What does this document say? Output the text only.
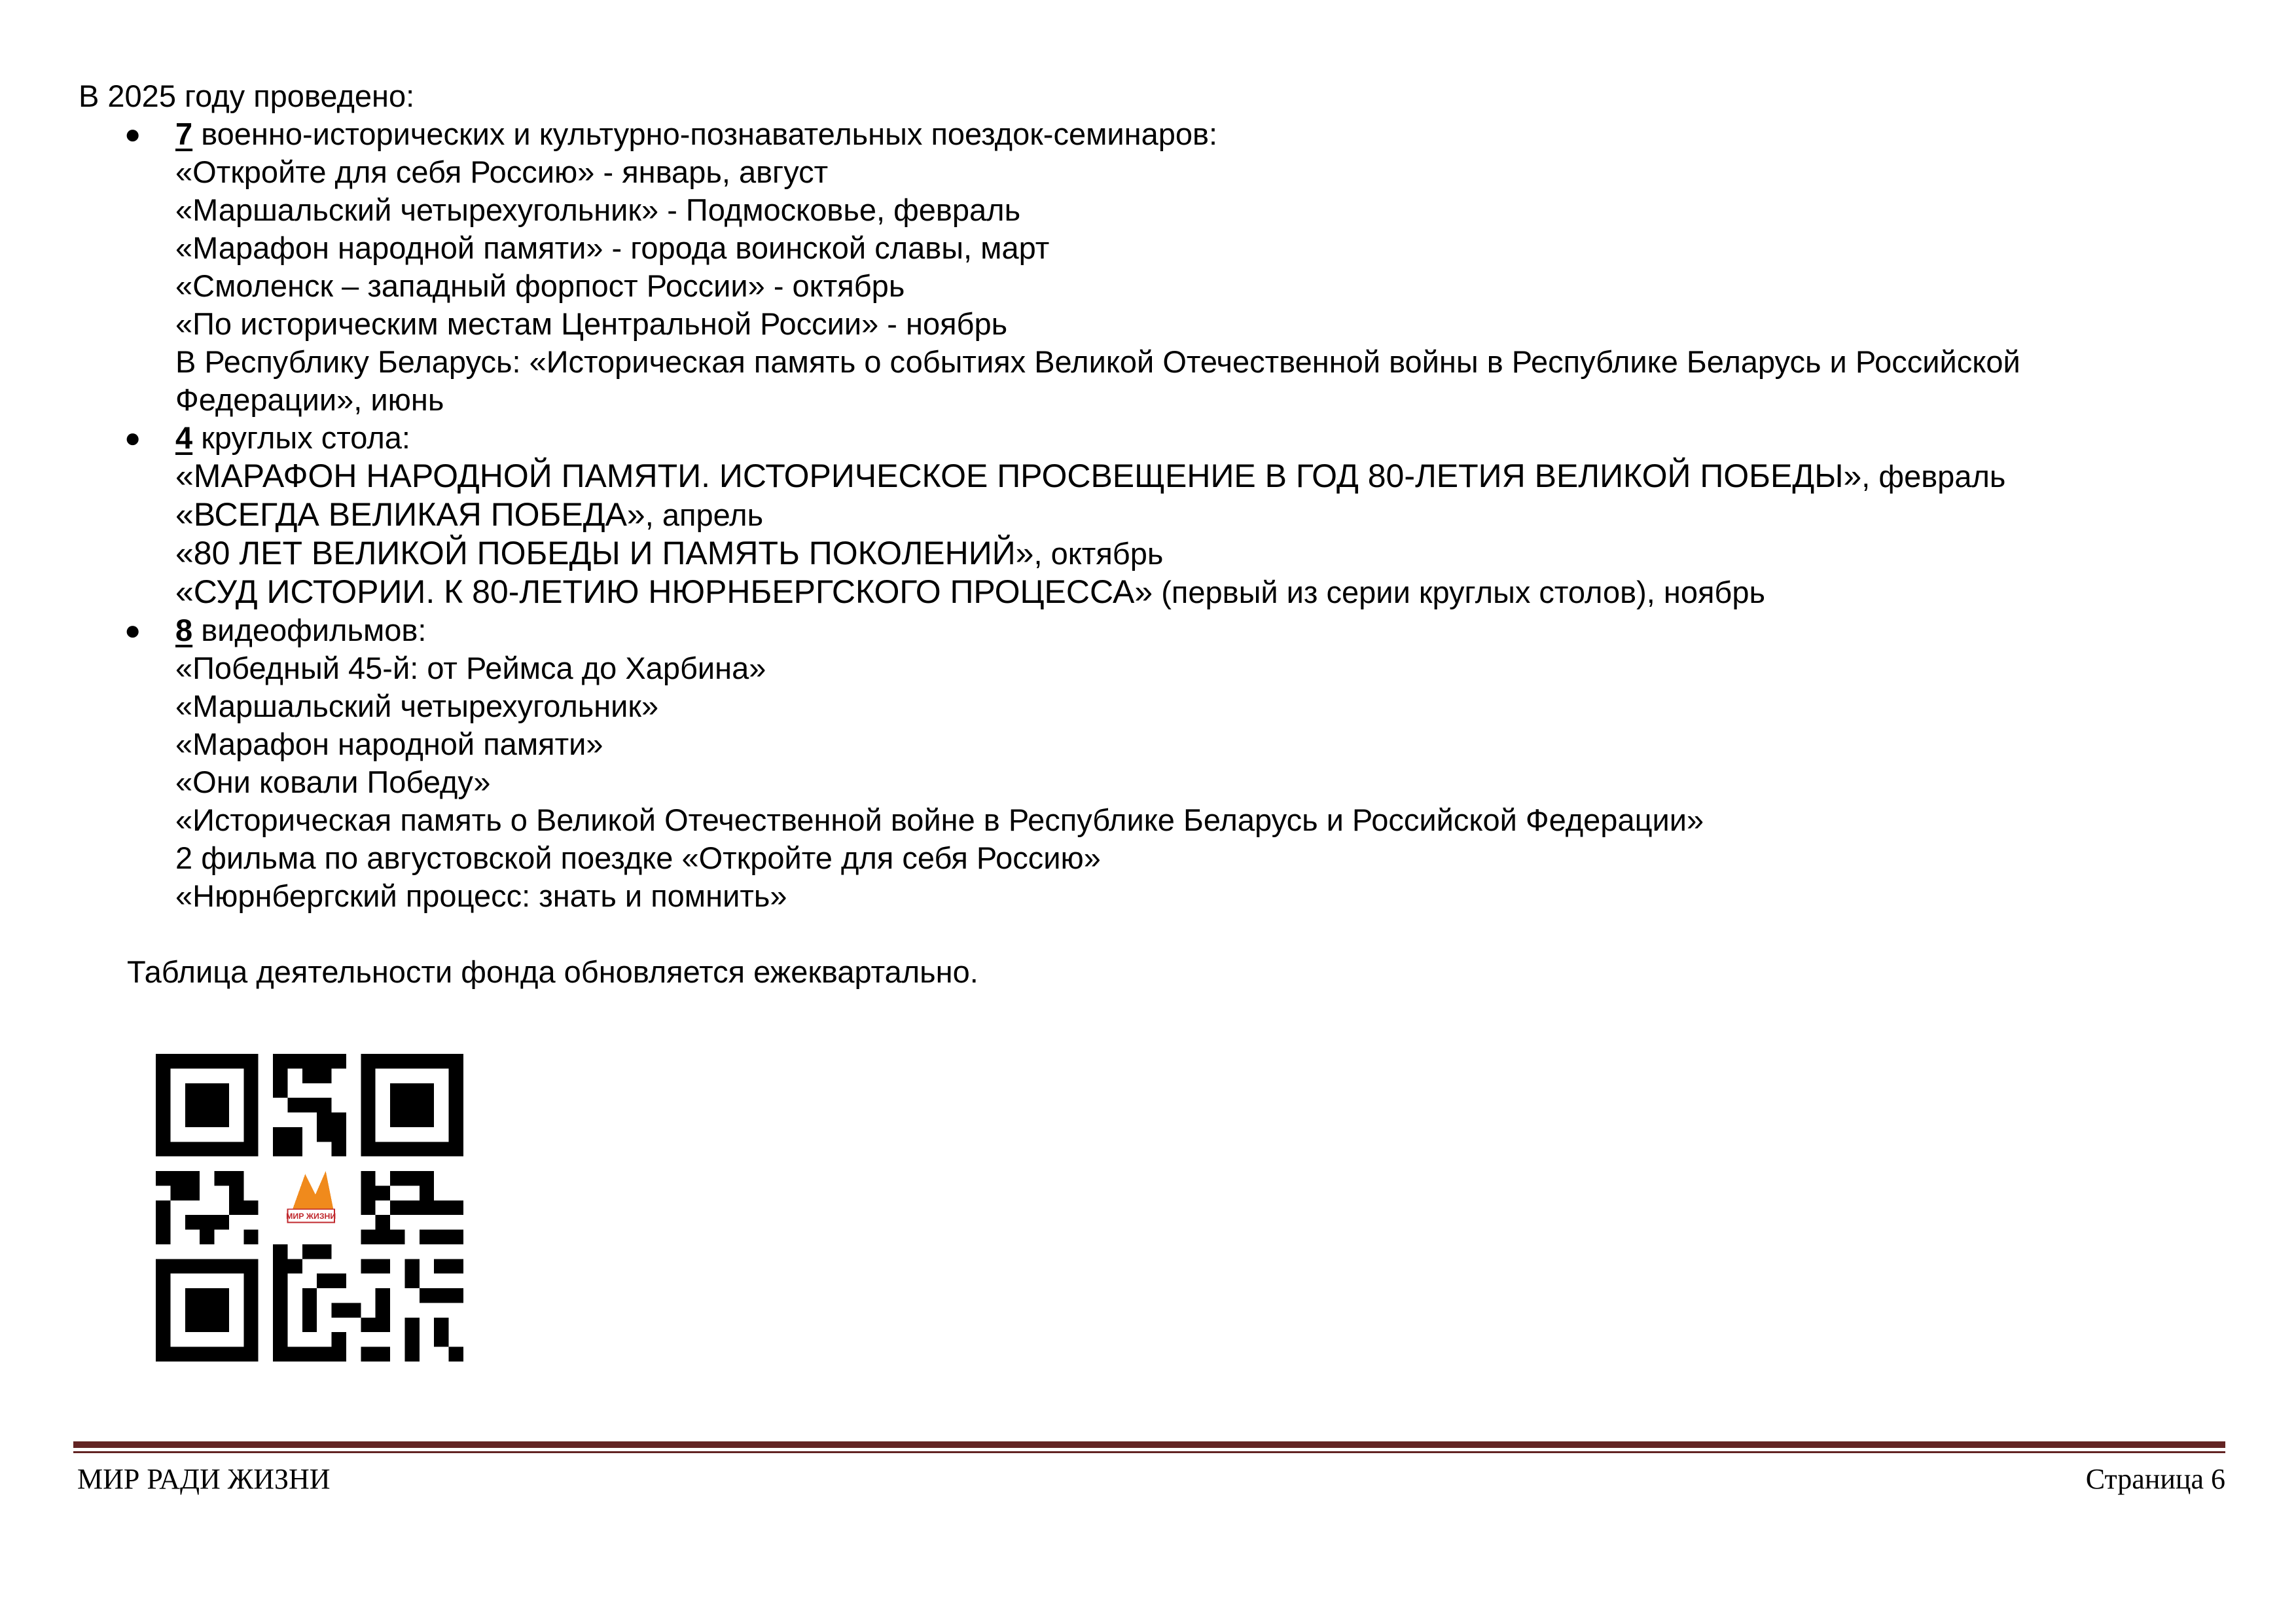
В 2025 году проведено:

● 7 военно-исторических и культурно-познавательных поездок-семинаров:
«Откройте для себя Россию» - январь, август
«Маршальский четырехугольник» - Подмосковье, февраль
«Марафон народной памяти» - города воинской славы, март
«Смоленск – западный форпост России» - октябрь
«По историческим местам Центральной России» - ноябрь
В Республику Беларусь: «Историческая память о событиях Великой Отечественной войны в Республике Беларусь и Российской
Федерации», июнь
● 4 круглых стола:
«МАРАФОН НАРОДНОЙ ПАМЯТИ. ИСТОРИЧЕСКОЕ ПРОСВЕЩЕНИЕ В ГОД 80-ЛЕТИЯ ВЕЛИКОЙ ПОБЕДЫ», февраль
«ВСЕГДА ВЕЛИКАЯ ПОБЕДА», апрель
«80 ЛЕТ ВЕЛИКОЙ ПОБЕДЫ И ПАМЯТЬ ПОКОЛЕНИЙ», октябрь
«СУД ИСТОРИИ. К 80-ЛЕТИЮ НЮРНБЕРГСКОГО ПРОЦЕССА» (первый из серии круглых столов), ноябрь
● 8 видеофильмов:
«Победный 45-й: от Реймса до Харбина»
«Маршальский четырехугольник»
«Марафон народной памяти»
«Они ковали Победу»
«Историческая память о Великой Отечественной войне в Республике Беларусь и Российской Федерации»
2 фильма по августовской поездке «Откройте для себя Россию»
«Нюрнбергский процесс: знать и помнить»

Таблица деятельности фонда обновляется ежеквартально.

МИР РАДИ ЖИЗНИ	Страница 6
